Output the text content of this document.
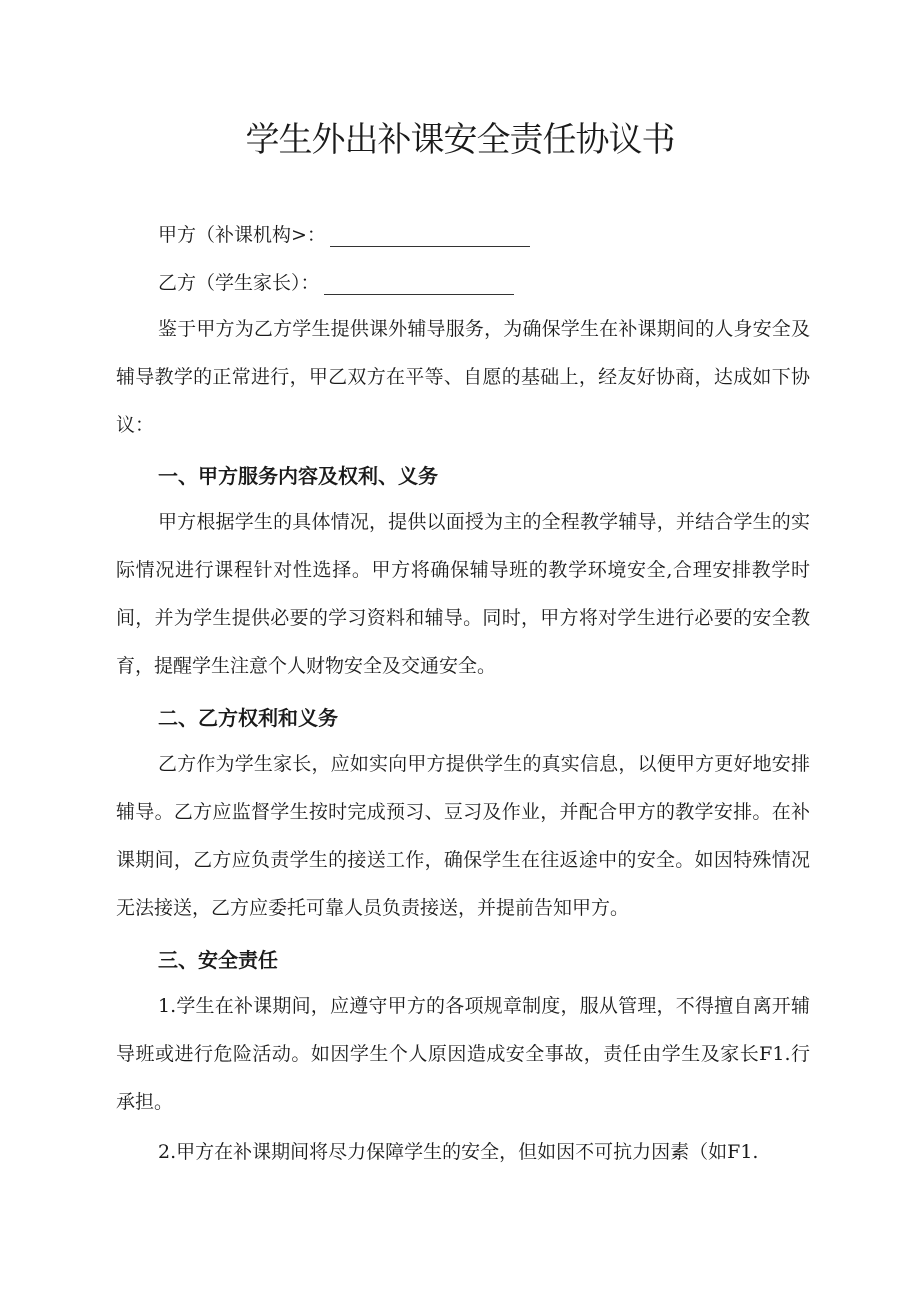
学生外出补课安全责任协议书
甲方（补课机构>：
乙方（学生家长）：

鉴于甲方为乙方学生提供课外辅导服务，为确保学生在补课期间的人身安全及辅导教学的正常进行，甲乙双方在平等、自愿的基础上，经友好协商，达成如下协议：

一、甲方服务内容及权利、义务

甲方根据学生的具体情况，提供以面授为主的全程教学辅导，并结合学生的实际情况进行课程针对性选择。甲方将确保辅导班的教学环境安全,合理安排教学时间，并为学生提供必要的学习资料和辅导。同时，甲方将对学生进行必要的安全教育，提醒学生注意个人财物安全及交通安全。

二、乙方权利和义务

乙方作为学生家长，应如实向甲方提供学生的真实信息，以便甲方更好地安排辅导。乙方应监督学生按时完成预习、豆习及作业，并配合甲方的教学安排。在补课期间，乙方应负责学生的接送工作，确保学生在往返途中的安全。如因特殊情况无法接送，乙方应委托可靠人员负责接送，并提前告知甲方。

三、安全责任

1.学生在补课期间，应遵守甲方的各项规章制度，服从管理，不得擅自离开辅导班或进行危险活动。如因学生个人原因造成安全事故，责任由学生及家长F1.行承担。

2.甲方在补课期间将尽力保障学生的安全，但如因不可抗力因素（如F1.
